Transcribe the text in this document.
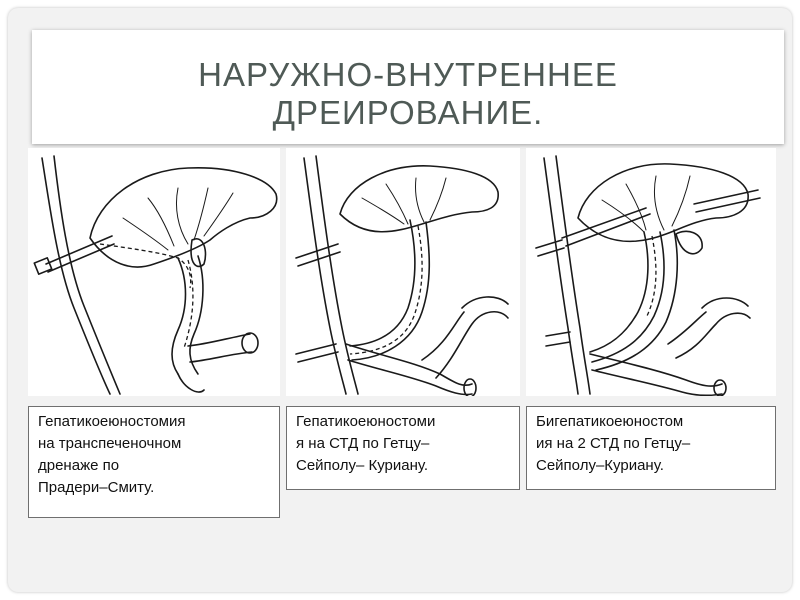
НАРУЖНО-ВНУТРЕННЕЕ
ДРЕИРОВАНИЕ.
Гепатикоеюностомия
на транспеченочном
дренаже по
Прадери–Смиту.
Гепатикоеюностоми
я на СТД по Гетцу–
Сейполу– Куриану.
Бигепатикоеюностом
ия на 2 СТД по Гетцу–
Сейполу–Куриану.
